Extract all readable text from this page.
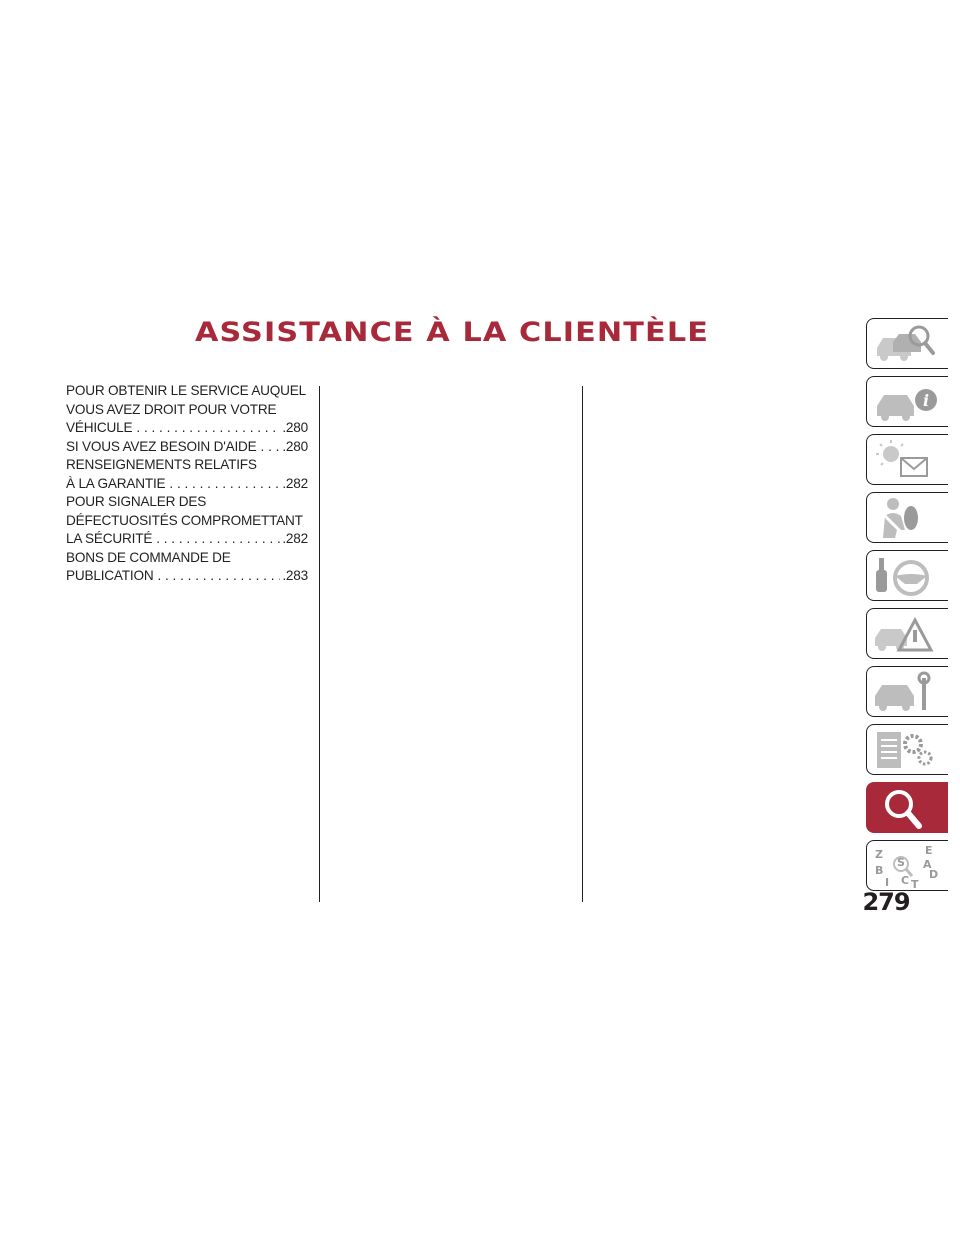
ASSISTANCE À LA CLIENTÈLE
POUR OBTENIR LE SERVICE AUQUEL
VOUS AVEZ DROIT POUR VOTRE
VÉHICULE . . .	.280
SI VOUS AVEZ BESOIN D'AIDE . . . .280
RENSEIGNEMENTS RELATIFS
À LA GARANTIE . . .	.282
POUR SIGNALER DES
DÉFECTUOSITÉS COMPROMETTANT
LA SÉCURITÉ . . .	.282
BONS DE COMMANDE DE
PUBLICATION . . .	.283
i
Z	E
S A
B	D
I C T
279
